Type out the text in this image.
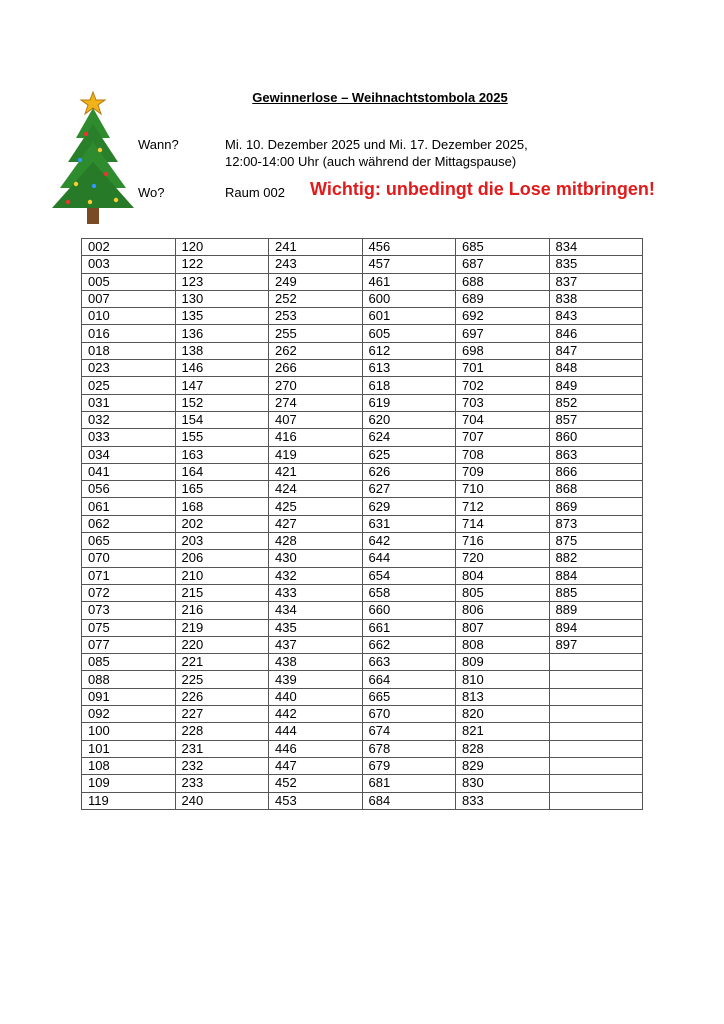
Gewinnerlose – Weihnachtstombola 2025
Wann?	Mi. 10. Dezember 2025 und Mi. 17. Dezember 2025,
12:00-14:00 Uhr (auch während der Mittagspause)
Wo?	Raum 002 Wichtig: unbedingt die Lose mitbringen!
002	120	241	456	685	834
003	122	243	457	687	835
005	123	249	461	688	837
007	130	252	600	689	838
010	135	253	601	692	843
016	136	255	605	697	846
018	138	262	612	698	847
023	146	266	613	701	848
025	147	270	618	702	849
031	152	274	619	703	852
032	154	407	620	704	857
033	155	416	624	707	860
034	163	419	625	708	863
041	164	421	626	709	866
056	165	424	627	710	868
061	168	425	629	712	869
062	202	427	631	714	873
065	203	428	642	716	875
070	206	430	644	720	882
071	210	432	654	804	884
072	215	433	658	805	885
073	216	434	660	806	889
075	219	435	661	807	894
077	220	437	662	808	897
085	221	438	663	809	
088	225	439	664	810	
091	226	440	665	813	
092	227	442	670	820	
100	228	444	674	821	
101	231	446	678	828	
108	232	447	679	829	
109	233	452	681	830	
119	240	453	684	833	
